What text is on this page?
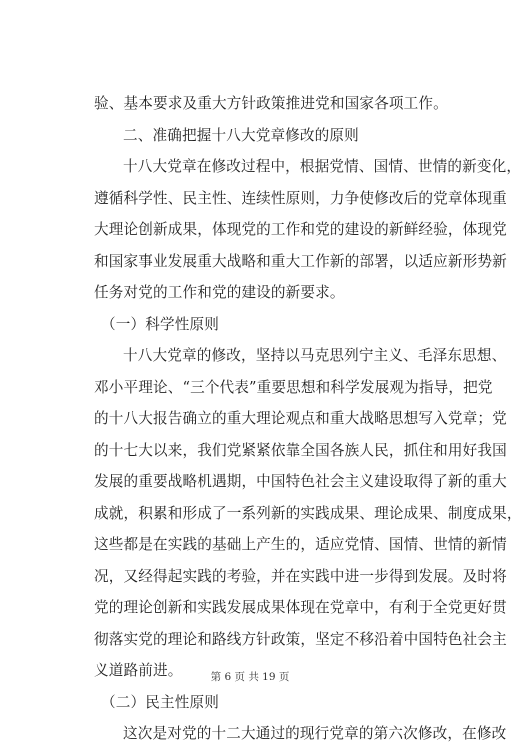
验、基本要求及重大方针政策推进党和国家各项工作。
二、准确把握十八大党章修改的原则
十八大党章在修改过程中，根据党情、国情、世情的新变化，
遵循科学性、民主性、连续性原则，力争使修改后的党章体现重
大理论创新成果，体现党的工作和党的建设的新鲜经验，体现党
和国家事业发展重大战略和重大工作新的部署，以适应新形势新
任务对党的工作和党的建设的新要求。
（一）科学性原则
十八大党章的修改，坚持以马克思列宁主义、毛泽东思想、
邓小平理论、“三个代表”重要思想和科学发展观为指导，把党
的十八大报告确立的重大理论观点和重大战略思想写入党章；党
的十七大以来，我们党紧紧依靠全国各族人民，抓住和用好我国
发展的重要战略机遇期，中国特色社会主义建设取得了新的重大
成就，积累和形成了一系列新的实践成果、理论成果、制度成果，
这些都是在实践的基础上产生的，适应党情、国情、世情的新情
况，又经得起实践的考验，并在实践中进一步得到发展。及时将
党的理论创新和实践发展成果体现在党章中，有利于全党更好贯
彻落实党的理论和路线方针政策，坚定不移沿着中国特色社会主
义道路前进。
（二）民主性原则
这次是对党的十二大通过的现行党章的第六次修改，在修改
第 6 页 共 19 页
